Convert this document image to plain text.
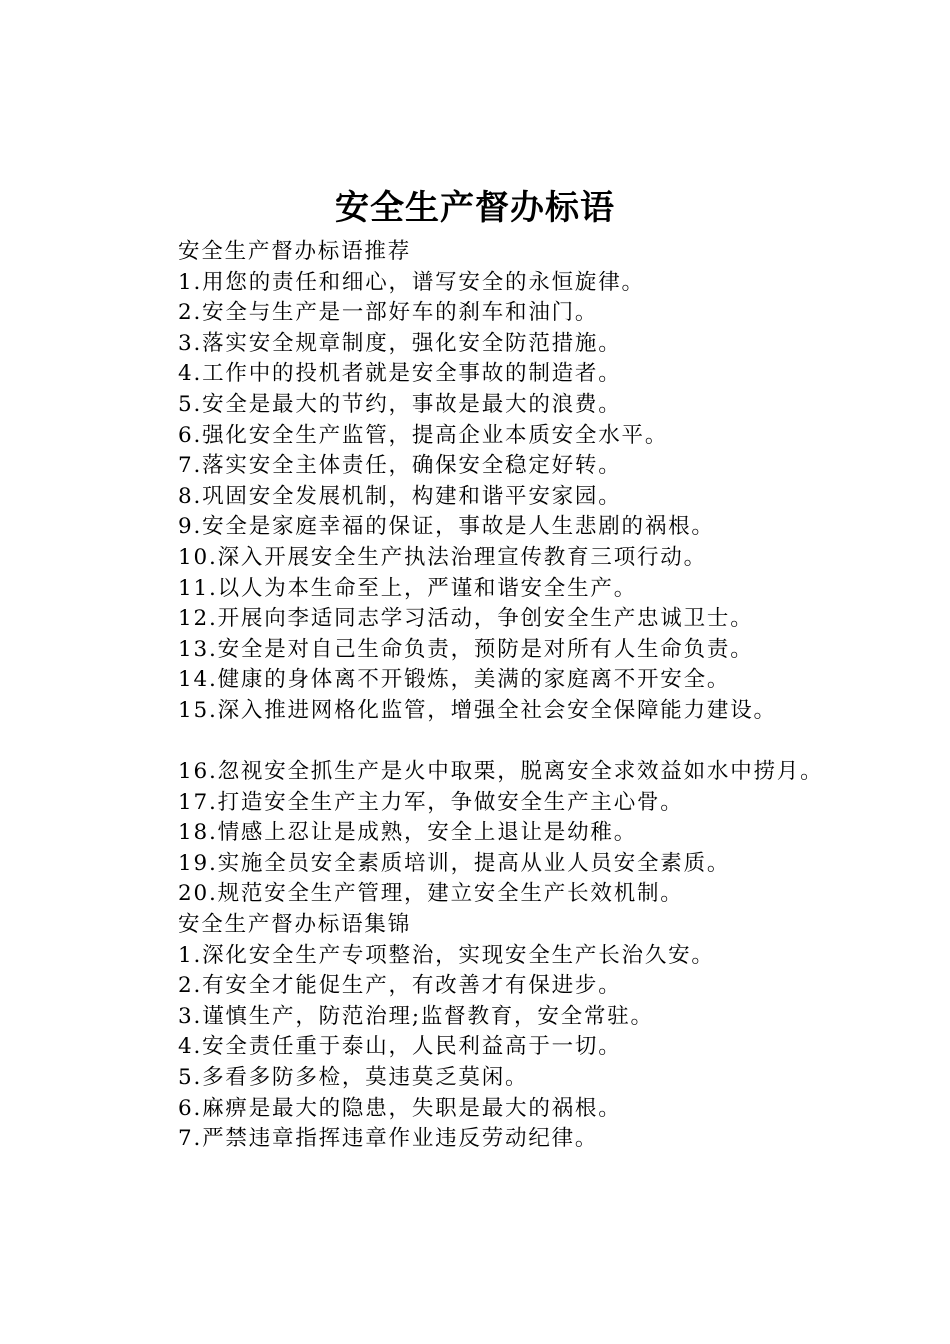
安全生产督办标语

安全生产督办标语推荐

1.用您的责任和细心，谱写安全的永恒旋律。

2.安全与生产是一部好车的刹车和油门。

3.落实安全规章制度，强化安全防范措施。

4.工作中的投机者就是安全事故的制造者。

5.安全是最大的节约，事故是最大的浪费。

6.强化安全生产监管，提高企业本质安全水平。

7.落实安全主体责任，确保安全稳定好转。

8.巩固安全发展机制，构建和谐平安家园。

9.安全是家庭幸福的保证，事故是人生悲剧的祸根。

10.深入开展安全生产执法治理宣传教育三项行动。

11.以人为本生命至上，严谨和谐安全生产。

12.开展向李适同志学习活动，争创安全生产忠诚卫士。

13.安全是对自己生命负责，预防是对所有人生命负责。

14.健康的身体离不开锻炼，美满的家庭离不开安全。

15.深入推进网格化监管，增强全社会安全保障能力建设。

16.忽视安全抓生产是火中取栗，脱离安全求效益如水中捞月。

17.打造安全生产主力军，争做安全生产主心骨。

18.情感上忍让是成熟，安全上退让是幼稚。

19.实施全员安全素质培训，提高从业人员安全素质。

20.规范安全生产管理，建立安全生产长效机制。

安全生产督办标语集锦

1.深化安全生产专项整治，实现安全生产长治久安。

2.有安全才能促生产，有改善才有保进步。

3.谨慎生产，防范治理;监督教育，安全常驻。

4.安全责任重于泰山，人民利益高于一切。

5.多看多防多检，莫违莫乏莫闲。

6.麻痹是最大的隐患，失职是最大的祸根。

7.严禁违章指挥违章作业违反劳动纪律。
